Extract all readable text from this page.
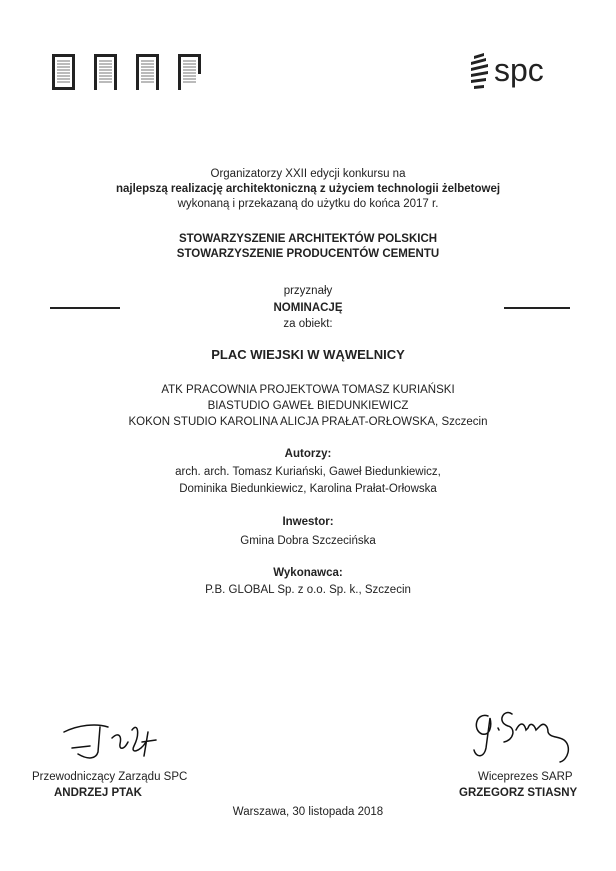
spc
Organizatorzy XXII edycji konkursu na
najlepszą realizację architektoniczną z użyciem technologii żelbetowej
wykonaną i przekazaną do użytku do końca 2017 r.
STOWARZYSZENIE ARCHITEKTÓW POLSKICH
STOWARZYSZENIE PRODUCENTÓW CEMENTU
przyznały
NOMINACJĘ
za obiekt:
PLAC WIEJSKI W WĄWELNICY
ATK PRACOWNIA PROJEKTOWA TOMASZ KURIAŃSKI
BIASTUDIO GAWEŁ BIEDUNKIEWICZ
KOKON STUDIO KAROLINA ALICJA PRAŁAT-ORŁOWSKA, Szczecin
Autorzy:
arch. arch. Tomasz Kuriański, Gaweł Biedunkiewicz,
Dominika Biedunkiewicz, Karolina Prałat-Orłowska
Inwestor:
Gmina Dobra Szczecińska
Wykonawca:
P.B. GLOBAL Sp. z o.o. Sp. k., Szczecin
Przewodniczący Zarządu SPC
ANDRZEJ PTAK
Wiceprezes SARP
GRZEGORZ STIASNY
Warszawa, 30 listopada 2018
